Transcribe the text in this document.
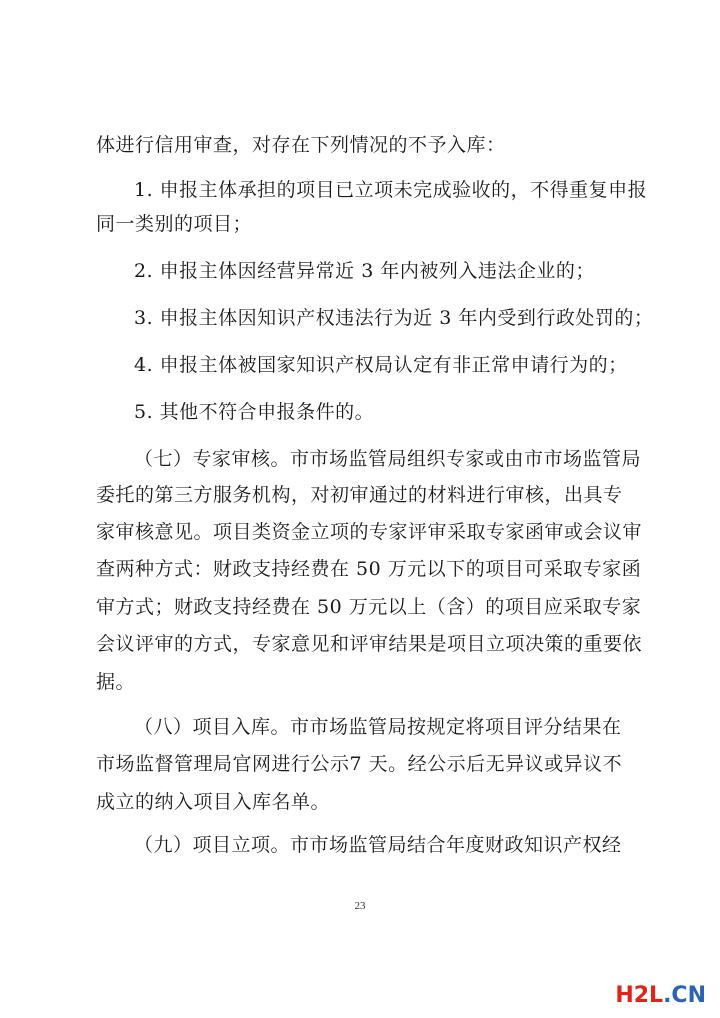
体进行信用审查，对存在下列情况的不予入库：
1. 申报主体承担的项目已立项未完成验收的，不得重复申报
同一类别的项目；
2. 申报主体因经营异常近 3 年内被列入违法企业的；
3. 申报主体因知识产权违法行为近 3 年内受到行政处罚的；
4. 申报主体被国家知识产权局认定有非正常申请行为的；
5. 其他不符合申报条件的。
（七）专家审核。市市场监管局组织专家或由市市场监管局
委托的第三方服务机构，对初审通过的材料进行审核，出具专
家审核意见。项目类资金立项的专家评审采取专家函审或会议审
查两种方式：财政支持经费在 50 万元以下的项目可采取专家函
审方式；财政支持经费在 50 万元以上（含）的项目应采取专家
会议评审的方式，专家意见和评审结果是项目立项决策的重要依
据。
（八）项目入库。市市场监管局按规定将项目评分结果在
市场监督管理局官网进行公示7 天。经公示后无异议或异议不
成立的纳入项目入库名单。
（九）项目立项。市市场监管局结合年度财政知识产权经
23
H2L.CN
